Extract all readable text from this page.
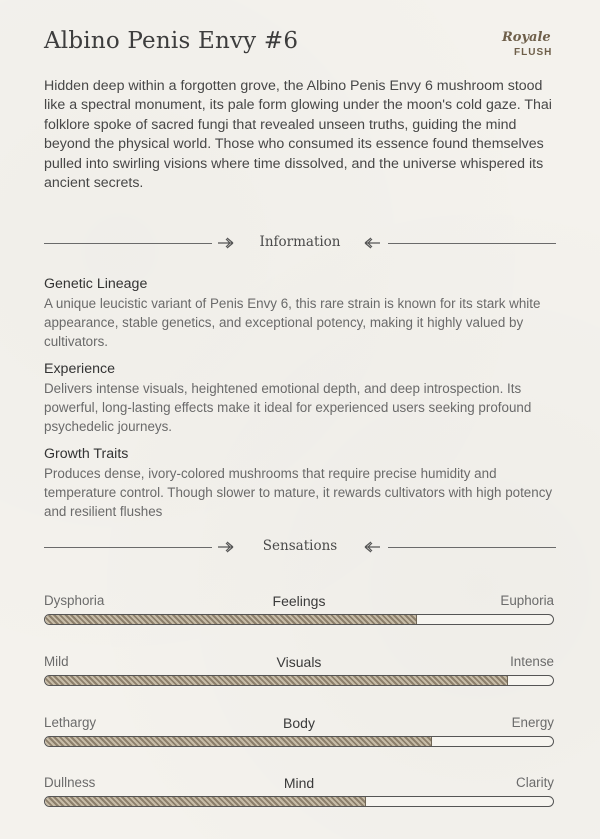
Albino Penis Envy #6	Royale
FLUSH
Hidden deep within a forgotten grove, the Albino Penis Envy 6 mushroom stood like a spectral monument, its pale form glowing under the moon's cold gaze. Thai folklore spoke of sacred fungi that revealed unseen truths, guiding the mind beyond the physical world. Those who consumed its essence found themselves pulled into swirling visions where time dissolved, and the universe whispered its ancient secrets.
Information
Genetic Lineage

A unique leucistic variant of Penis Envy 6, this rare strain is known for its stark white appearance, stable genetics, and exceptional potency, making it highly valued by cultivators.

Experience

Delivers intense visuals, heightened emotional depth, and deep introspection. Its powerful, long-lasting effects make it ideal for experienced users seeking profound psychedelic journeys.

Growth Traits

Produces dense, ivory-colored mushrooms that require precise humidity and temperature control. Though slower to mature, it rewards cultivators with high potency and resilient flushes

Sensations
Dysphoria	Feelings	Euphoria
Mild	Visuals	Intense
Lethargy	Body	Energy
Dullness	Mind	Clarity
